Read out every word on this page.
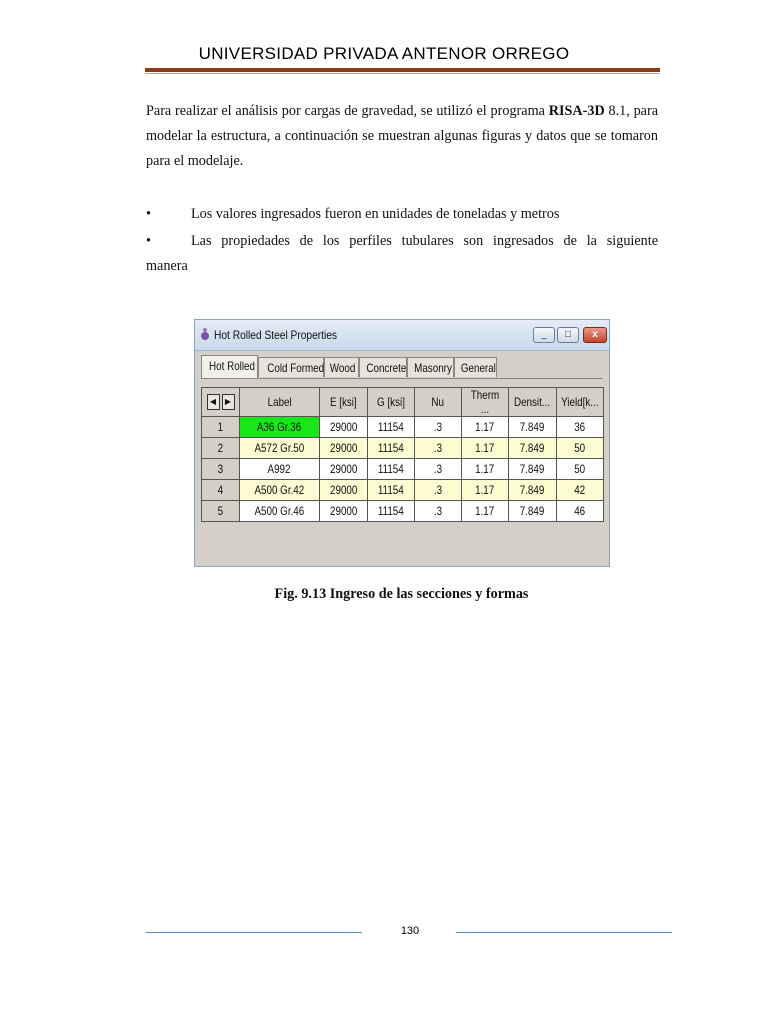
UNIVERSIDAD PRIVADA ANTENOR ORREGO
Para realizar el análisis por cargas de gravedad, se utilizó el programa RISA-3D 8.1, para modelar la estructura, a continuación se muestran algunas figuras y datos que se tomaron para el modelaje.
•	Los valores ingresados fueron en unidades de toneladas y metros
•	Las propiedades de los perfiles tubulares son ingresados de la siguiente
manera
Hot Rolled Steel Properties	_	□	x
Hot Rolled	Cold Formed Wood Concrete Masonry General
◀ ▶	Label	E [ksi]	G [ksi]	Nu	Therm ...	Densit...	Yield[k...
1	A36 Gr.36	29000	11154	.3	1.17	7.849	36
2	A572 Gr.50	29000	11154	.3	1.17	7.849	50
3	A992	29000	11154	.3	1.17	7.849	50
4	A500 Gr.42	29000	11154	.3	1.17	7.849	42
5	A500 Gr.46	29000	11154	.3	1.17	7.849	46
Fig. 9.13 Ingreso de las secciones y formas
130
